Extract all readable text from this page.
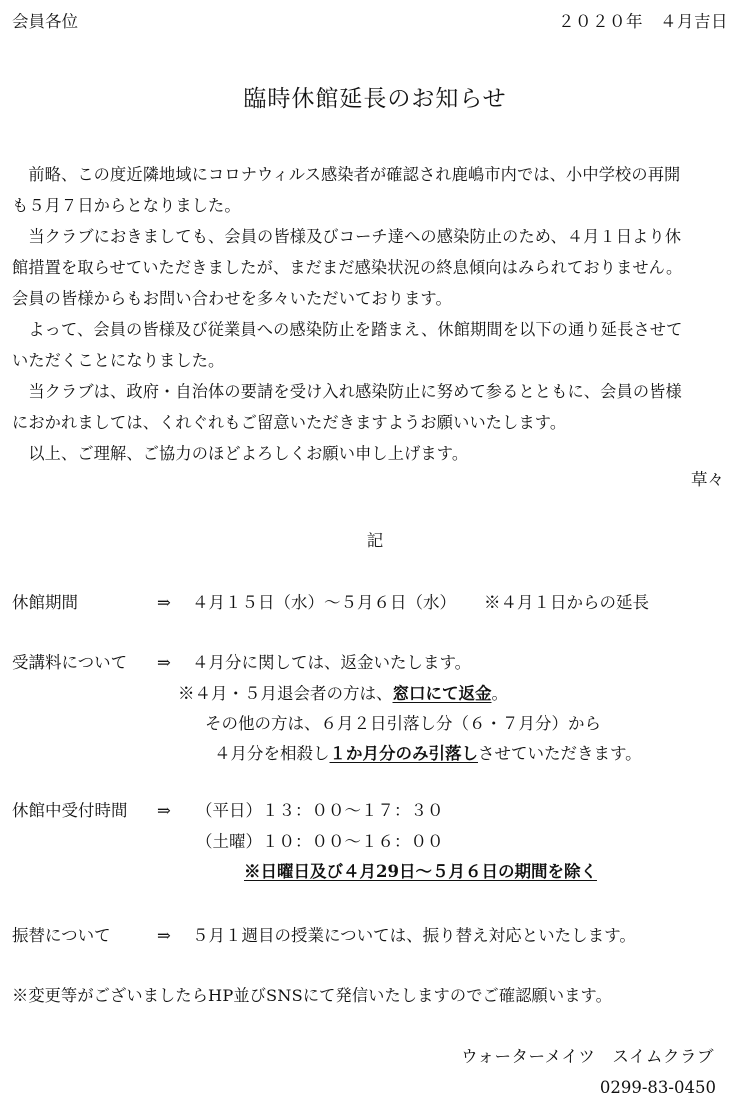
会員各位	２０２０年　４月吉日
臨時休館延長のお知らせ
　前略、この度近隣地域にコロナウィルス感染者が確認され鹿嶋市内では、小中学校の再開
も５月７日からとなりました。
　当クラブにおきましても、会員の皆様及びコーチ達への感染防止のため、４月１日より休
館措置を取らせていただきましたが、まだまだ感染状況の終息傾向はみられておりません。
会員の皆様からもお問い合わせを多々いただいております。
　よって、会員の皆様及び従業員への感染防止を踏まえ、休館期間を以下の通り延長させて
いただくことになりました。
　当クラブは、政府・自治体の要請を受け入れ感染防止に努めて参るとともに、会員の皆様
におかれましては、くれぐれもご留意いただきますようお願いいたします。
　以上、ご理解、ご協力のほどよろしくお願い申し上げます。
草々
記
休館期間	⇒ ４月１５日（水）～５月６日（水） ※４月１日からの延長
受講料について ⇒ ４月分に関しては、返金いたします。
※４月・５月退会者の方は、窓口にて返金。
その他の方は、６月２日引落し分（６・７月分）から
４月分を相殺し１か月分のみ引落しさせていただきます。
休館中受付時間 ⇒ （平日）１３：００～１７：３０
（土曜）１０：００～１６：００
※日曜日及び４月29日～５月６日の期間を除く
振替について	⇒ ５月１週目の授業については、振り替え対応といたします。
※変更等がございましたらHP並びSNSにて発信いたしますのでご確認願います。
ウォーターメイツ　スイムクラブ
0299-83-0450
